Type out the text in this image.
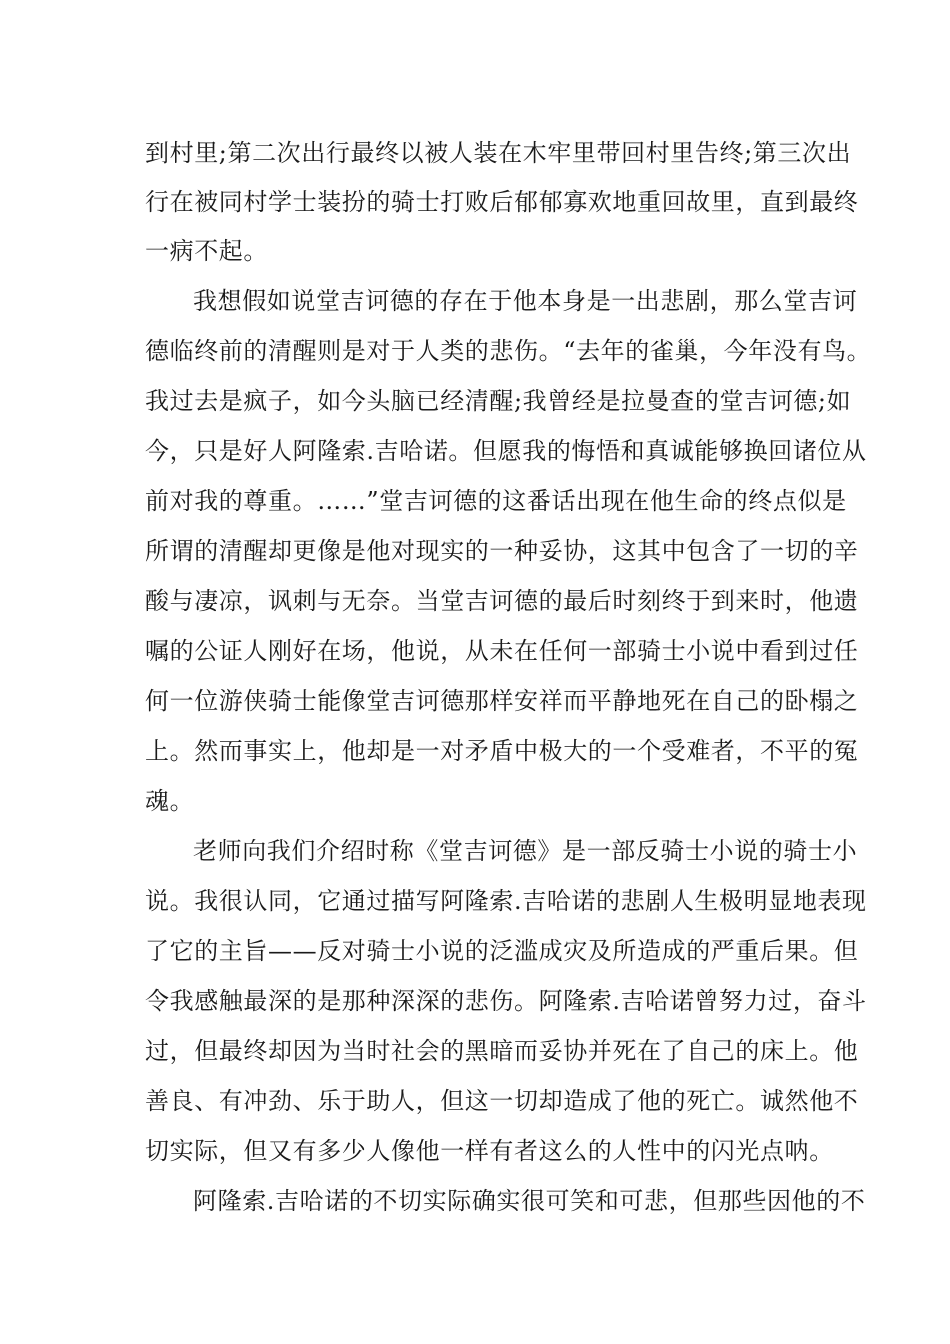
到村里;第二次出行最终以被人装在木牢里带回村里告终;第三次出
行在被同村学士装扮的骑士打败后郁郁寡欢地重回故里，直到最终
一病不起。
我想假如说堂吉诃德的存在于他本身是一出悲剧，那么堂吉诃
德临终前的清醒则是对于人类的悲伤。“去年的雀巢，今年没有鸟。
我过去是疯子，如今头脑已经清醒;我曾经是拉曼查的堂吉诃德;如
今，只是好人阿隆索.吉哈诺。但愿我的悔悟和真诚能够换回诸位从
前对我的尊重。……”堂吉诃德的这番话出现在他生命的终点似是
所谓的清醒却更像是他对现实的一种妥协，这其中包含了一切的辛
酸与凄凉，讽刺与无奈。当堂吉诃德的最后时刻终于到来时，他遗
嘱的公证人刚好在场，他说，从未在任何一部骑士小说中看到过任
何一位游侠骑士能像堂吉诃德那样安祥而平静地死在自己的卧榻之
上。然而事实上，他却是一对矛盾中极大的一个受难者，不平的冤
魂。
老师向我们介绍时称《堂吉诃德》是一部反骑士小说的骑士小
说。我很认同，它通过描写阿隆索.吉哈诺的悲剧人生极明显地表现
了它的主旨——反对骑士小说的泛滥成灾及所造成的严重后果。但
令我感触最深的是那种深深的悲伤。阿隆索.吉哈诺曾努力过，奋斗
过，但最终却因为当时社会的黑暗而妥协并死在了自己的床上。他
善良、有冲劲、乐于助人，但这一切却造成了他的死亡。诚然他不
切实际，但又有多少人像他一样有者这么的人性中的闪光点呐。
阿隆索.吉哈诺的不切实际确实很可笑和可悲，但那些因他的不
